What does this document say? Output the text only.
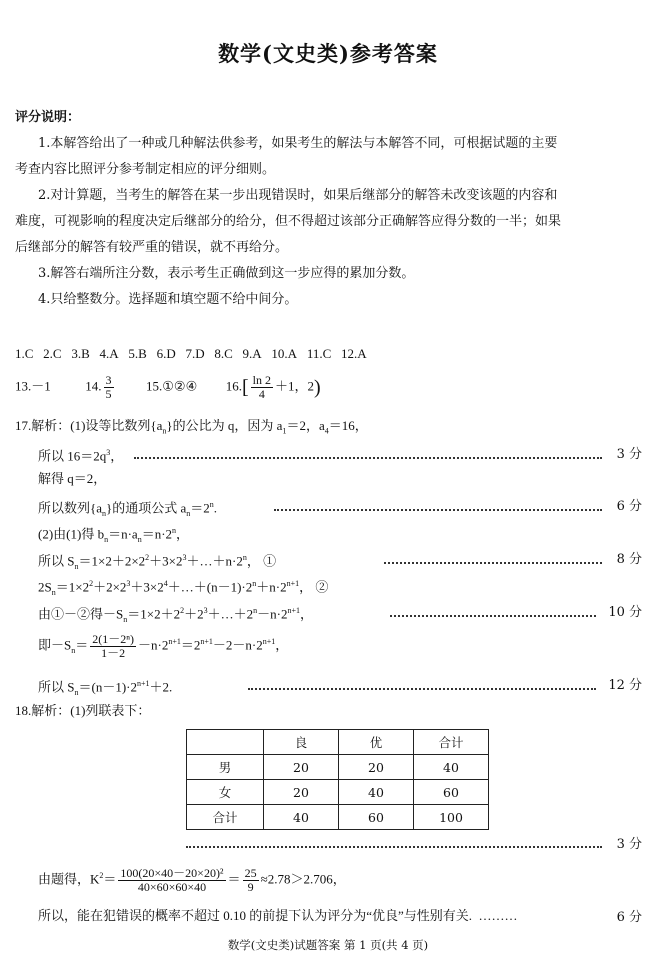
数学(文史类)参考答案
评分说明：
1.本解答给出了一种或几种解法供参考，如果考生的解法与本解答不同，可根据试题的主要
考查内容比照评分参考制定相应的评分细则。
2.对计算题，当考生的解答在某一步出现错误时，如果后继部分的解答未改变该题的内容和
难度，可视影响的程度决定后继部分的给分，但不得超过该部分正确解答应得分数的一半；如果
后继部分的解答有较严重的错误，就不再给分。
3.解答右端所注分数，表示考生正确做到这一步应得的累加分数。
4.只给整数分。选择题和填空题不给中间分。
1.C 2.C 3.B 4.A 5.B 6.D 7.D 8.C 9.A 10.A 11.C 12.A
13.－1	14. $\frac{3}{5}$	15.①②④ $16.[ \frac{\ln 2}{4} +1$，2)
17.解析：(1)设等比数列$\{a_n\}$的公比为 q，因为 $a_1=2$，$a_4=16$，
所以 $16=2q^3$，	3 分
解得 q＝2，
所以数列$\{a_n\}$的通项公式 $a_n=2^n$.	6 分
(2)由(1)得 $b_n=n\cdot a_n=n\cdot 2^n$，
所以 $S_n=1\times 2+2\times 2^2+3\times 2^3+\dots+n\cdot 2^n$， ①	8 分
$2S_n=1\times 2^2+2\times 2^3+3\times 2^4+\dots+(n-1)\cdot 2^n+n\cdot 2^{n+1}$， ②
由①－②得$-S_n=1\times 2+2^2+2^3+\dots+2^n-n\cdot 2^{n+1}$，	10 分
即$-S_n= \frac{\text{2(1－2ⁿ)}}{1-2} -n\cdot 2^{n+1}=2^{n+1}-2-n\cdot 2^{n+1}$，
所以 $S_n=(n-1)\cdot 2^{n+1}+2$.	12 分
18.解析：(1)列联表下：
	良	优	合计
男	20	20	40
女	20	40	60
合计	40	60	100
3 分
由题得，$K^2= \frac{\text{100(20×40－20×20)²}}{40\times 60\times 60\times 40} = \frac{25}{9} \approx 2.78>2.706$，
所以，能在犯错误的概率不超过 0.10 的前提下认为评分为“优良”与性别有关. ………	6 分
数学(文史类)试题答案 第 1 页(共 4 页)
